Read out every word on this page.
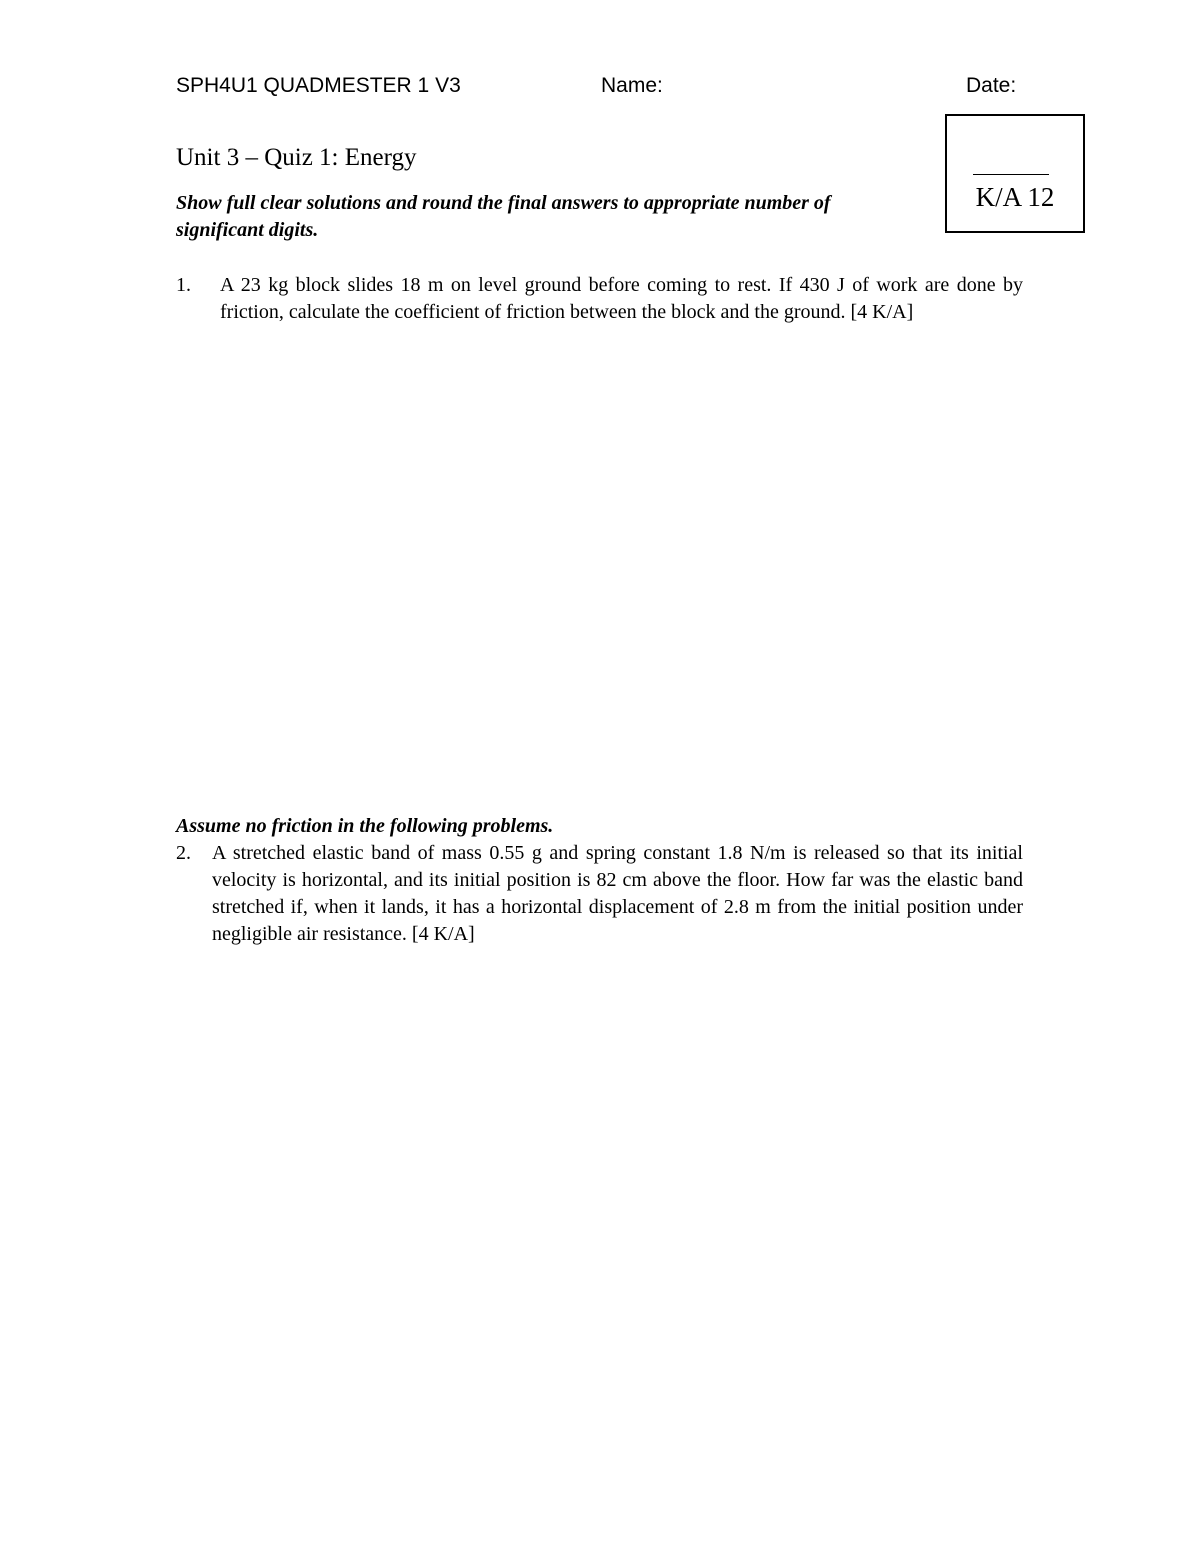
SPH4U1 QUADMESTER 1 V3	Name:	Date:
Unit 3 – Quiz 1: Energy
Show full clear solutions and round the final answers to appropriate number of significant digits.
K/A 12
1. A 23 kg block slides 18 m on level ground before coming to rest. If 430 J of work are done by friction, calculate the coefficient of friction between the block and the ground. [4 K/A]
Assume no friction in the following problems.
2. A stretched elastic band of mass 0.55 g and spring constant 1.8 N/m is released so that its initial velocity is horizontal, and its initial position is 82 cm above the floor. How far was the elastic band stretched if, when it lands, it has a horizontal displacement of 2.8 m from the initial position under negligible air resistance. [4 K/A]
